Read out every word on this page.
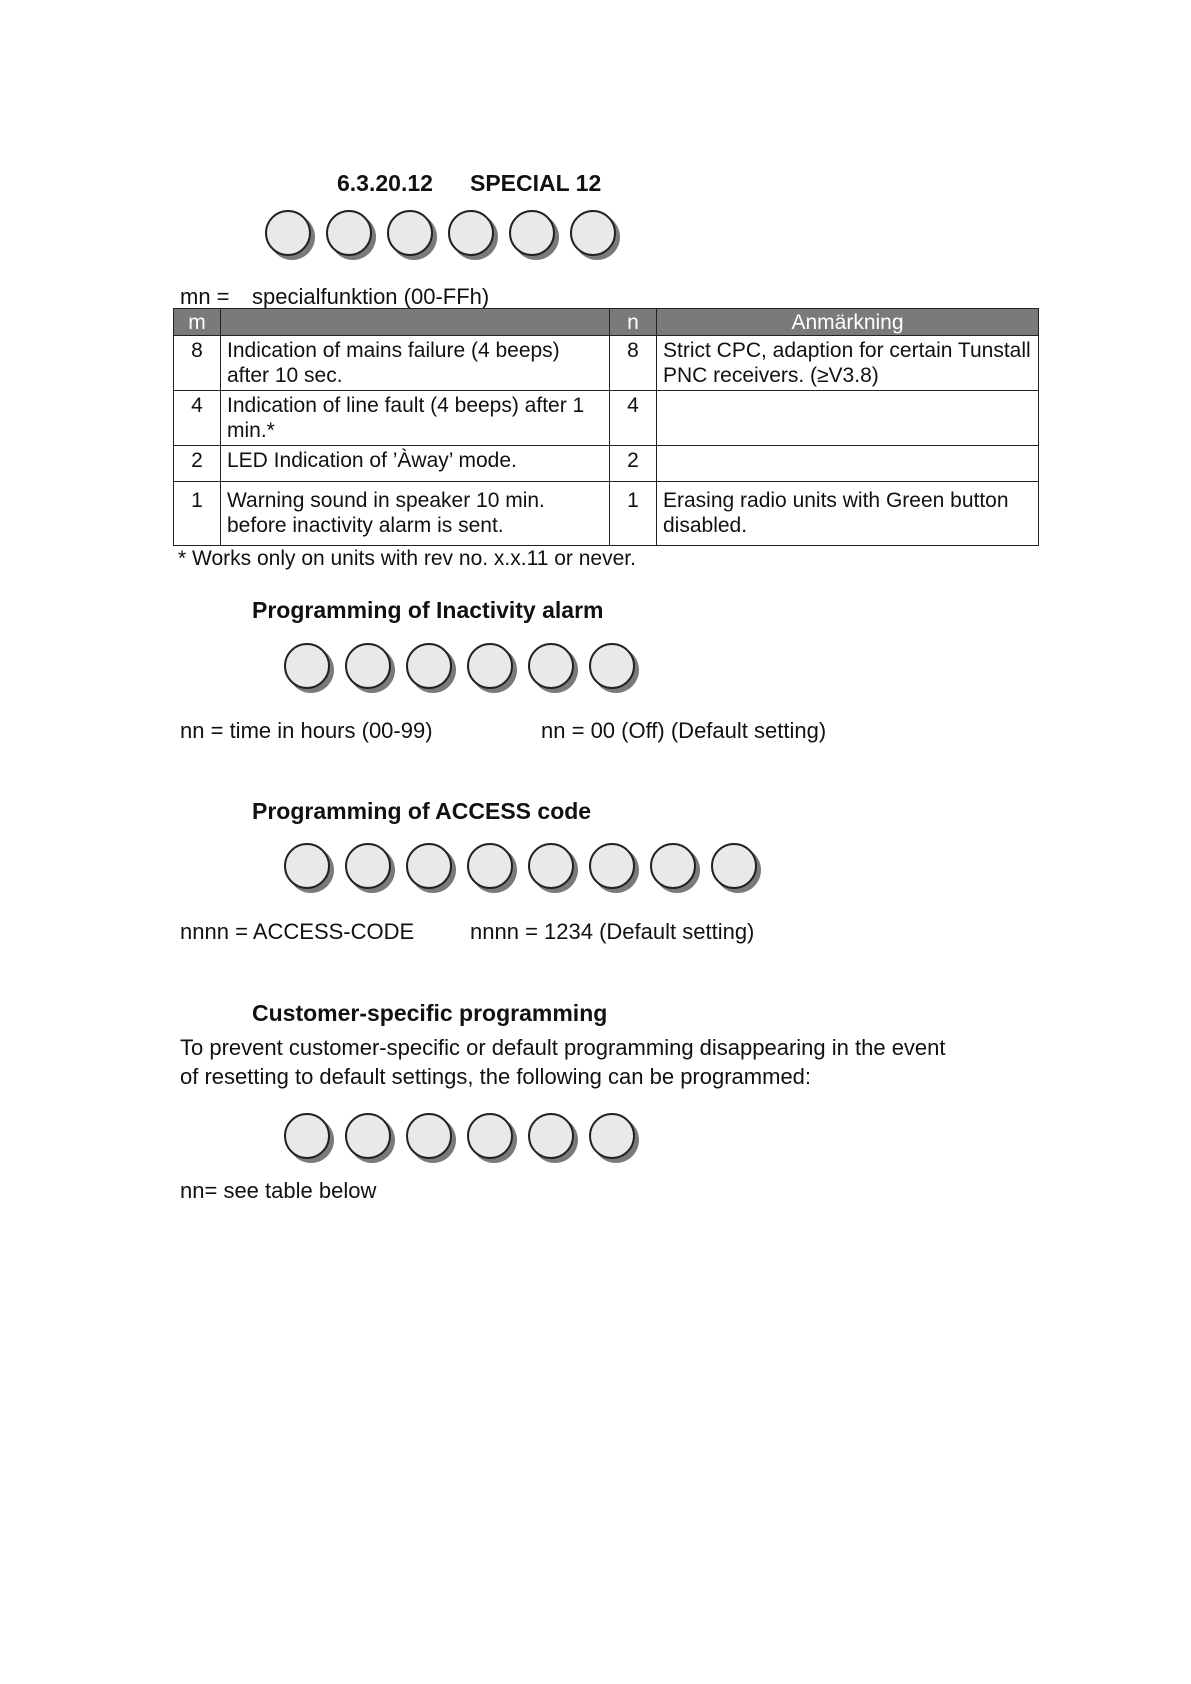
6.3.20.12 SPECIAL 12
mn = specialfunktion (00-FFh)
m		n	Anmärkning
8	Indication of mains failure (4 beeps) after 10 sec.	8	Strict CPC, adaption for certain Tunstall PNC receivers. (≥V3.8)
4	Indication of line fault (4 beeps) after 1 min.*	4	
2	LED Indication of ’Àway’ mode.	2	
1	Warning sound in speaker 10 min. before inactivity alarm is sent.	1	Erasing radio units with Green button disabled.
* Works only on units with rev no. x.x.11 or never.
Programming of Inactivity alarm
nn = time in hours (00-99)	nn = 00 (Off) (Default setting)
Programming of ACCESS code
nnnn = ACCESS-CODE	nnnn = 1234 (Default setting)
Customer-specific programming
To prevent customer-specific or default programming disappearing in the event
of resetting to default settings, the following can be programmed:
nn= see table below
